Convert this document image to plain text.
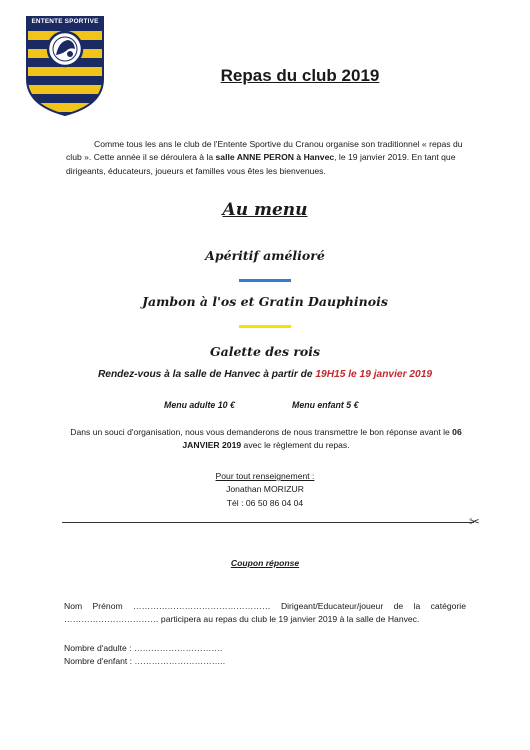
ENTENTE SPORTIVE
Repas du club 2019
Comme tous les ans le club de l'Entente Sportive du Cranou organise son traditionnel « repas du club ». Cette année il se déroulera à la salle ANNE PERON à Hanvec, le 19 janvier 2019. En tant que dirigeants, éducateurs, joueurs et familles vous êtes les bienvenues.
Au menu
Apéritif amélioré
Jambon à l'os et Gratin Dauphinois
Galette des rois
Rendez-vous à la salle de Hanvec à partir de 19H15 le 19 janvier 2019
Menu adulte 10 €	Menu enfant 5 €
Dans un souci d'organisation, nous vous demanderons de nous transmettre le bon réponse avant le 06 JANVIER 2019 avec le règlement du repas.
Pour tout renseignement :
Jonathan MORIZUR
Tél : 06 50 86 04 04
✂
Coupon réponse
Nom Prénom ………………………………………… Dirigeant/Educateur/joueur de la catégorie
…………………………… participera au repas du club le 19 janvier 2019 à la salle de Hanvec.
Nombre d'adulte : ………………………….
Nombre d'enfant : …………………………..
